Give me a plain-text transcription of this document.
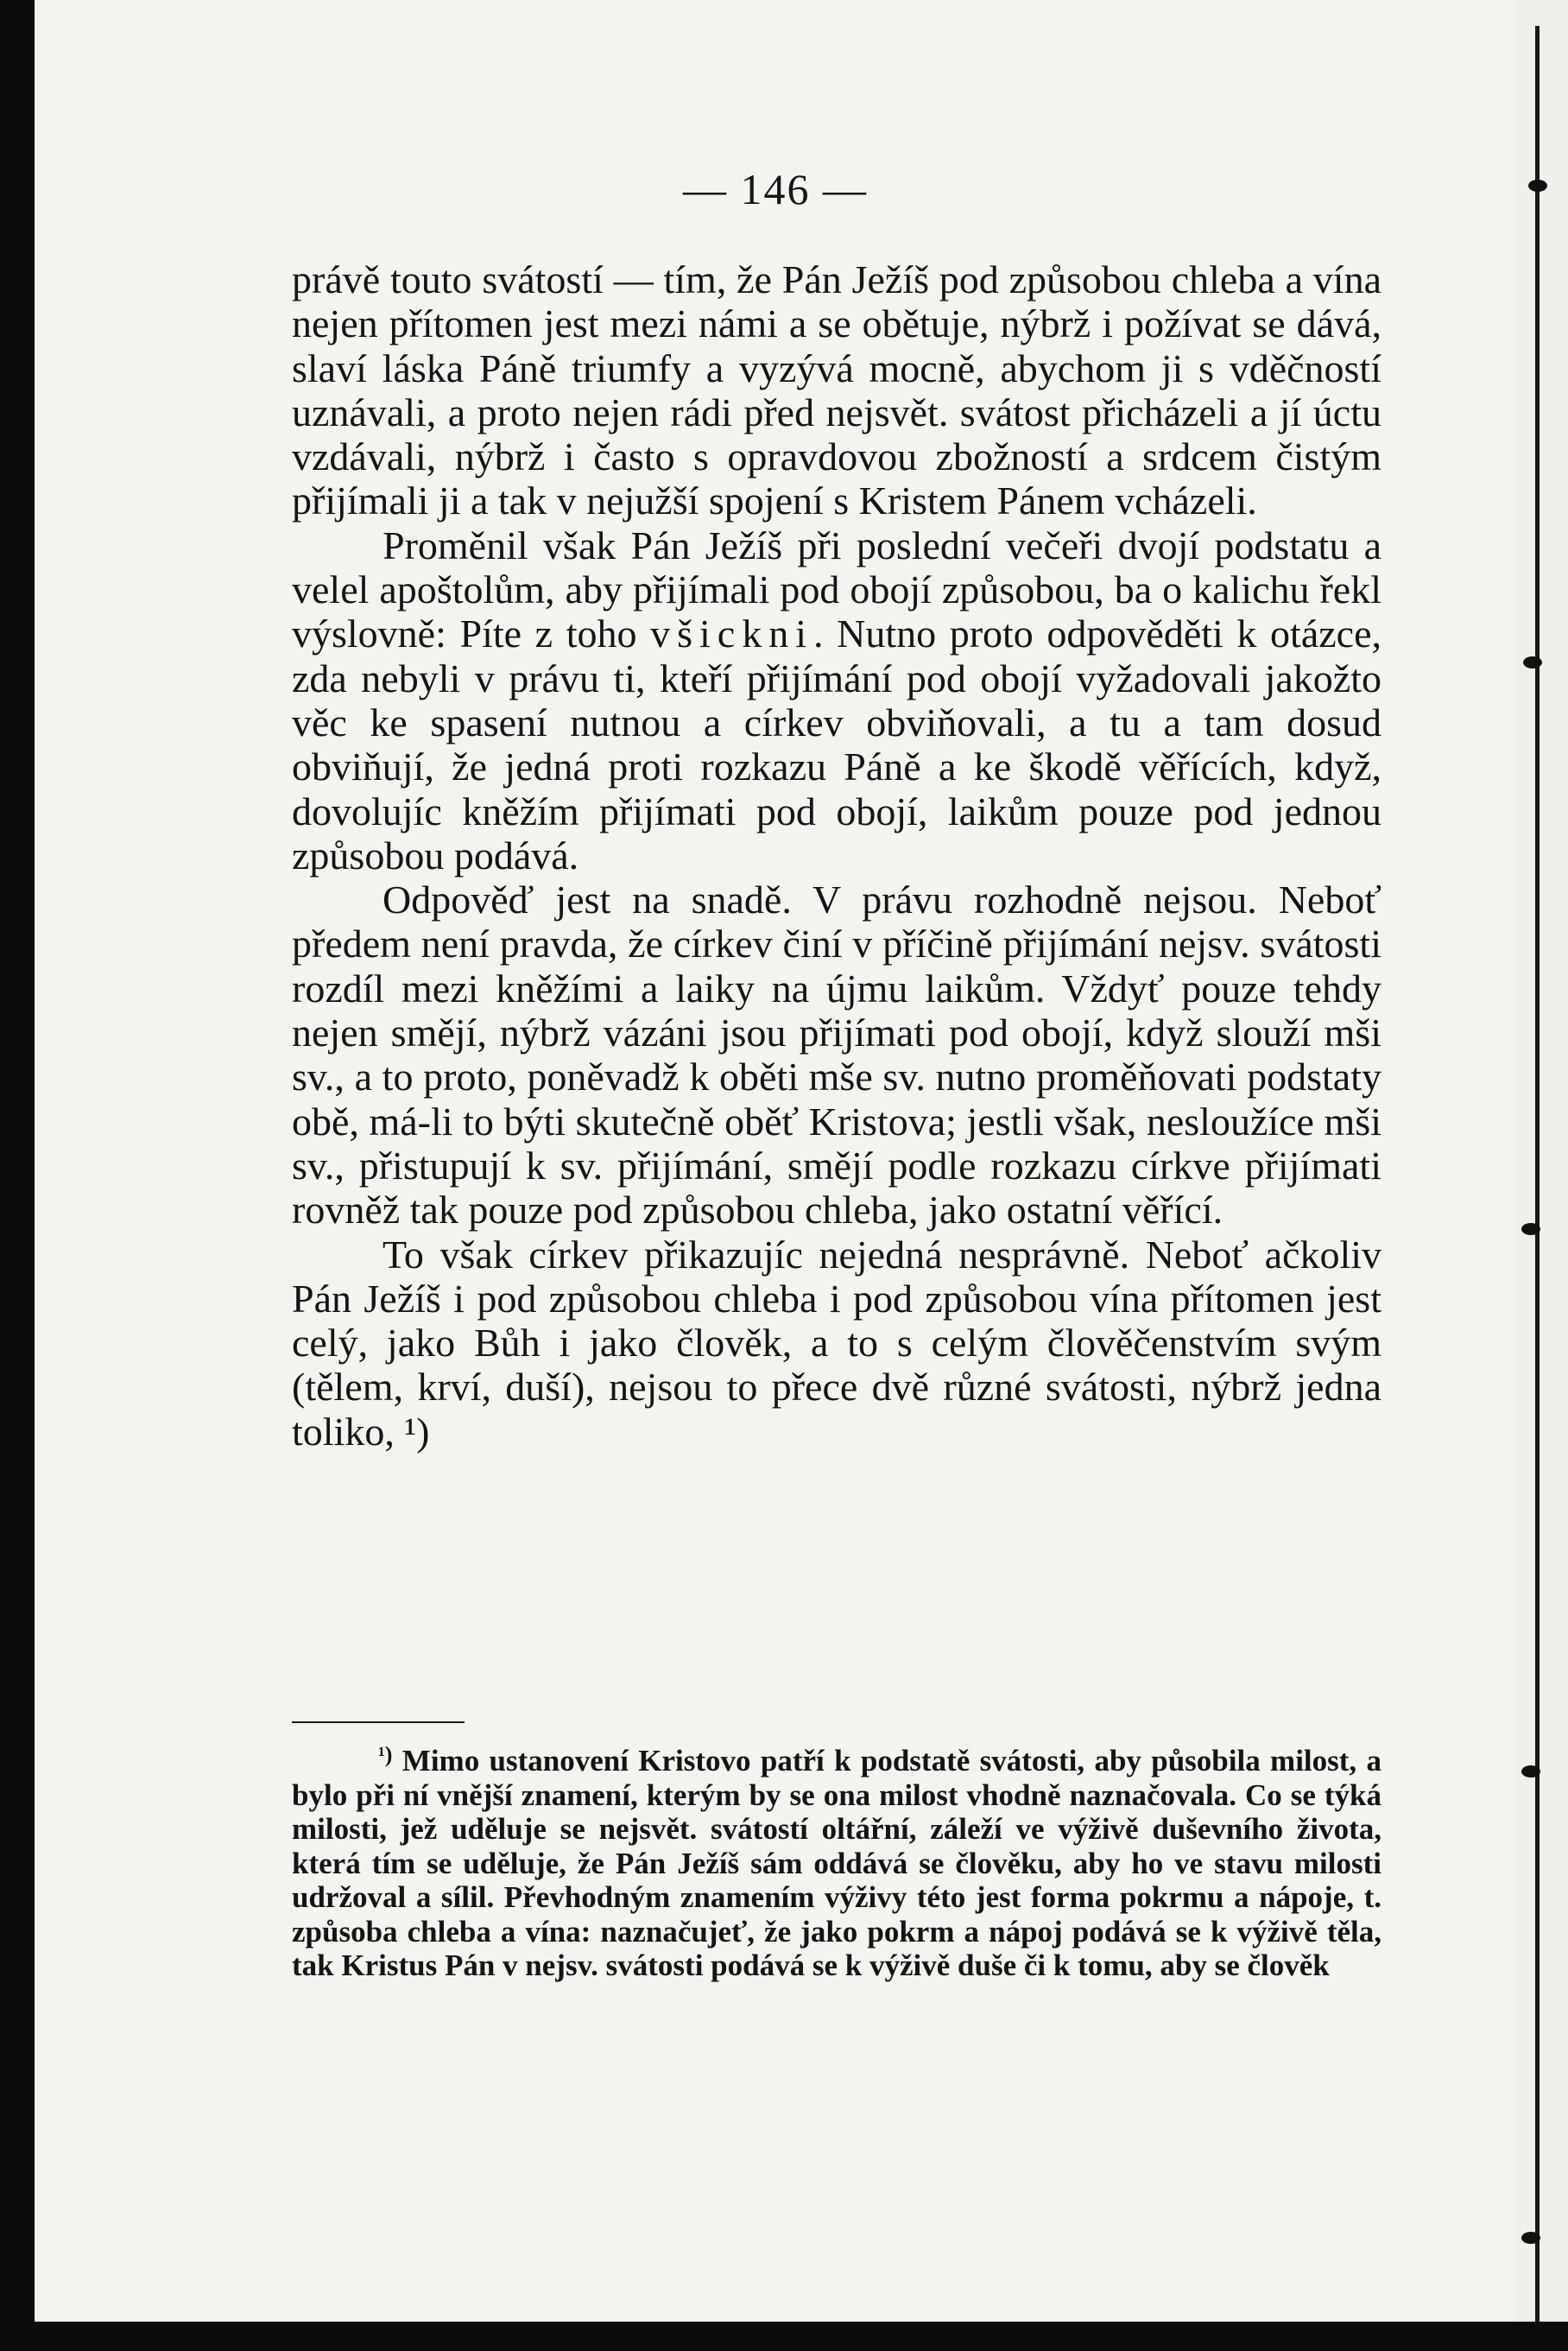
— 146 —

právě touto svátostí — tím, že Pán Ježíš pod způsobou chleba a vína nejen přítomen jest mezi námi a se obětuje, nýbrž i požívat se dává, slaví láska Páně triumfy a vyzývá mocně, abychom ji s vděčností uznávali, a proto nejen rádi před nejsvět. svátost přicházeli a jí úctu vzdávali, nýbrž i často s opravdovou zbožností a srdcem čistým přijímali ji a tak v nejužší spojení s Kristem Pánem vcházeli.

Proměnil však Pán Ježíš při poslední večeři dvojí podstatu a velel apoštolům, aby přijímali pod obojí způsobou, ba o kalichu řekl výslovně: Píte z toho všickni. Nutno proto odpověděti k otázce, zda nebyli v právu ti, kteří přijímání pod obojí vyžadovali jakožto věc ke spasení nutnou a církev obviňovali, a tu a tam dosud obviňují, že jedná proti rozkazu Páně a ke škodě věřících, když, dovolujíc kněžím přijímati pod obojí, laikům pouze pod jednou způsobou podává.

Odpověď jest na snadě. V právu rozhodně nejsou. Neboť předem není pravda, že církev činí v příčině přijímání nejsv. svátosti rozdíl mezi kněžími a laiky na újmu laikům. Vždyť pouze tehdy nejen smějí, nýbrž vázáni jsou přijímati pod obojí, když slouží mši sv., a to proto, poněvadž k oběti mše sv. nutno proměňovati podstaty obě, má-li to býti skutečně oběť Kristova; jestli však, nesloužíce mši sv., přistupují k sv. přijímání, smějí podle rozkazu církve přijímati rovněž tak pouze pod způsobou chleba, jako ostatní věřící.

To však církev přikazujíc nejedná nesprávně. Neboť ačkoliv Pán Ježíš i pod způsobou chleba i pod způsobou vína přítomen jest celý, jako Bůh i jako člověk, a to s celým člověčenstvím svým (tělem, krví, duší), nejsou to přece dvě různé svátosti, nýbrž jedna toliko, ¹)

$^{^1)}$ Mimo ustanovení Kristovo patří k podstatě svátosti, aby působila milost, a bylo při ní vnější znamení, kterým by se ona milost vhodně naznačovala. Co se týká milosti, jež uděluje se nejsvět. svátostí oltářní, záleží ve výživě duševního života, která tím se uděluje, že Pán Ježíš sám oddává se člověku, aby ho ve stavu milosti udržoval a sílil. Převhodným znamením výživy této jest forma pokrmu a nápoje, t. způsoba chleba a vína: naznačujeť, že jako pokrm a nápoj podává se k výživě těla, tak Kristus Pán v nejsv. svátosti podává se k výživě duše či k tomu, aby se člověk
